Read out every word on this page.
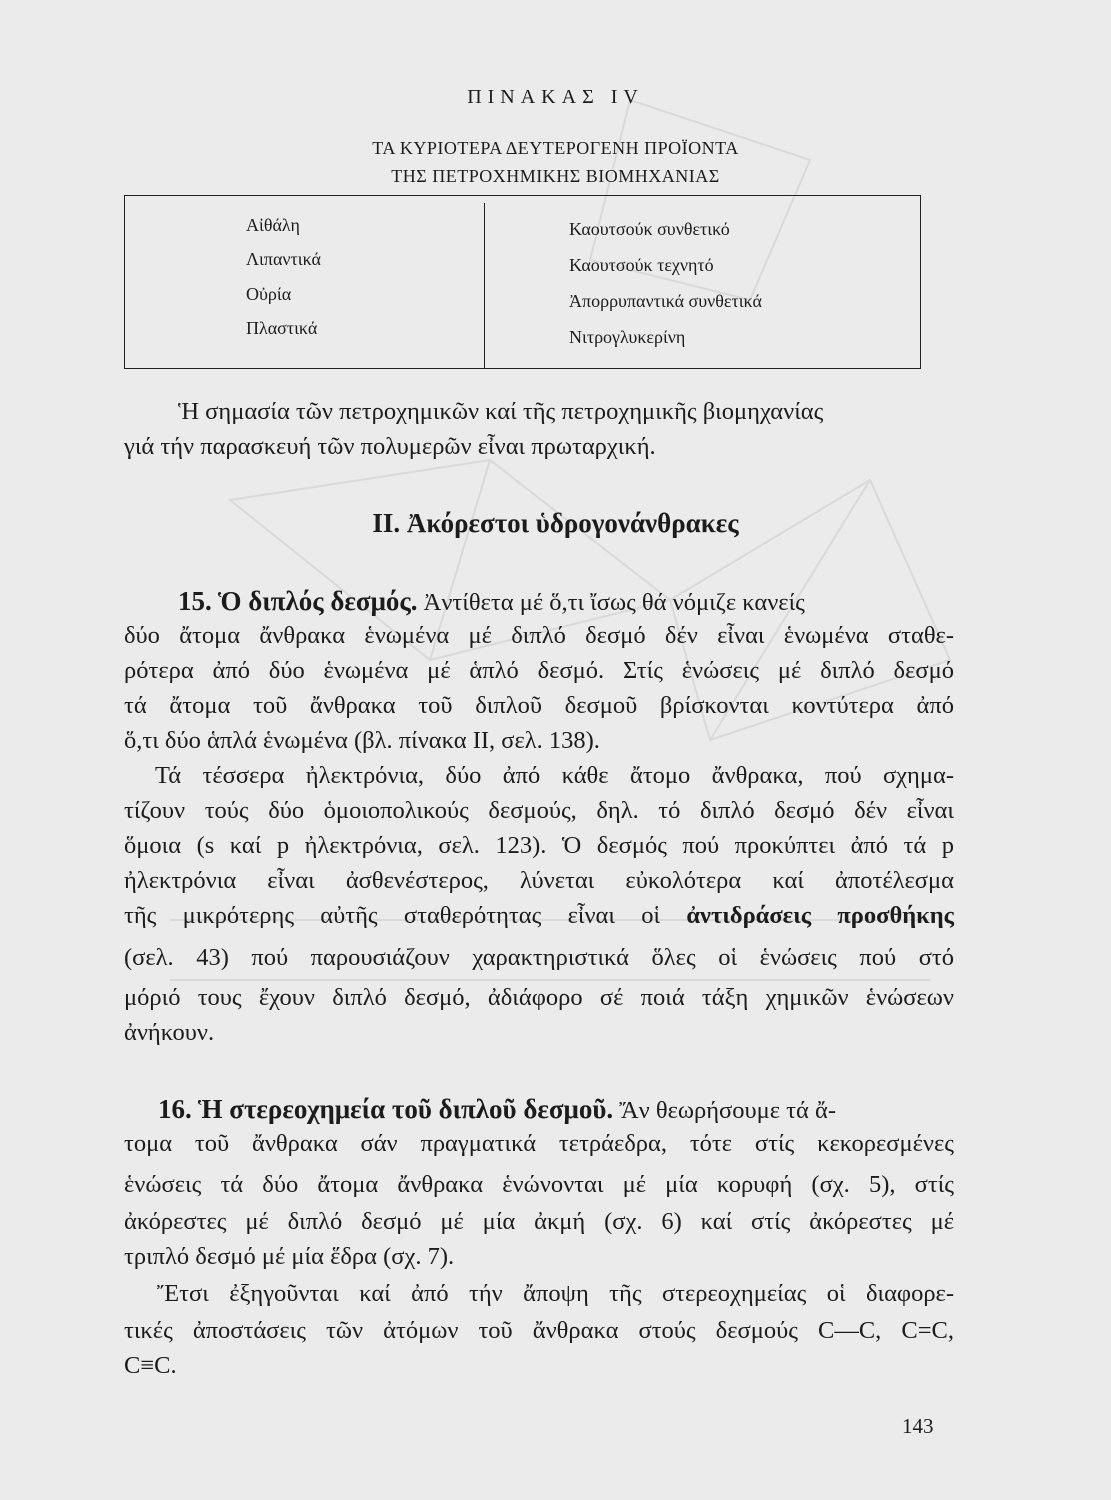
ΠΙΝΑΚΑΣ IV
ΤΑ ΚΥΡΙΟΤΕΡΑ ΔΕΥΤΕΡΟΓΕΝΗ ΠΡΟΪΟΝΤΑ
ΤΗΣ ΠΕΤΡΟΧΗΜΙΚΗΣ ΒΙΟΜΗΧΑΝΙΑΣ
Αἰθάλη
Λιπαντικά
Οὐρία
Πλαστικά
Καουτσούκ συνθετικό
Καουτσούκ τεχνητό
Ἀπορρυπαντικά συνθετικά
Νιτρογλυκερίνη
Ἡ σημασία τῶν πετροχημικῶν καί τῆς πετροχημικῆς βιομηχανίας
γιά τήν παρασκευή τῶν πολυμερῶν εἶναι πρωταρχική.
II. Ἀκόρεστοι ὑδρογονάνθρακες
15. Ὁ διπλός δεσμός. Ἀντίθετα μέ ὅ,τι ἴσως θά νόμιζε κανείς
δύο ἄτομα ἄνθρακα ἑνωμένα μέ διπλό δεσμό δέν εἶναι ἑνωμένα σταθε-
ρότερα ἀπό δύο ἑνωμένα μέ ἁπλό δεσμό. Στίς ἑνώσεις μέ διπλό δεσμό
τά ἄτομα τοῦ ἄνθρακα τοῦ διπλοῦ δεσμοῦ βρίσκονται κοντύτερα ἀπό
ὅ,τι δύο ἁπλά ἑνωμένα (βλ. πίνακα II, σελ. 138).
Τά τέσσερα ἠλεκτρόνια, δύο ἀπό κάθε ἄτομο ἄνθρακα, πού σχημα-
τίζουν τούς δύο ὁμοιοπολικούς δεσμούς, δηλ. τό διπλό δεσμό δέν εἶναι
ὅμοια (s καί p ἠλεκτρόνια, σελ. 123). Ὁ δεσμός πού προκύπτει ἀπό τά p
ἠλεκτρόνια εἶναι ἀσθενέστερος, λύνεται εὐκολότερα καί ἀποτέλεσμα
τῆς μικρότερης αὐτῆς σταθερότητας εἶναι οἱ ἀντιδράσεις προσθήκης
(σελ. 43) πού παρουσιάζουν χαρακτηριστικά ὅλες οἱ ἑνώσεις πού στό
μόριό τους ἔχουν διπλό δεσμό, ἀδιάφορο σέ ποιά τάξη χημικῶν ἑνώσεων
ἀνήκουν.
16. Ἡ στερεοχημεία τοῦ διπλοῦ δεσμοῦ. Ἄν θεωρήσουμε τά ἄ-
τομα τοῦ ἄνθρακα σάν πραγματικά τετράεδρα, τότε στίς κεκορεσμένες
ἑνώσεις τά δύο ἄτομα ἄνθρακα ἑνώνονται μέ μία κορυφή (σχ. 5), στίς
ἀκόρεστες μέ διπλό δεσμό μέ μία ἀκμή (σχ. 6) καί στίς ἀκόρεστες μέ
τριπλό δεσμό μέ μία ἕδρα (σχ. 7).
Ἔτσι ἐξηγοῦνται καί ἀπό τήν ἄποψη τῆς στερεοχημείας οἱ διαφορε-
τικές ἀποστάσεις τῶν ἀτόμων τοῦ ἄνθρακα στούς δεσμούς C—C, C=C,
C≡C.
143
